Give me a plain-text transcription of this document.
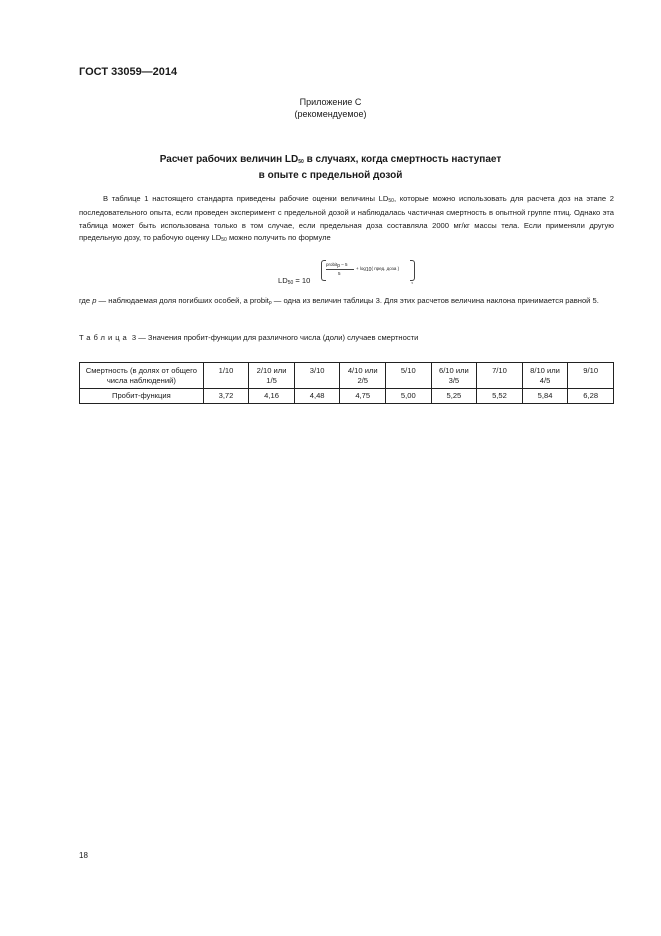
ГОСТ 33059—2014
Приложение С
(рекомендуемое)
Расчет рабочих величин $LD_{50}$ в случаях, когда смертность наступает
в опыте с предельной дозой

В таблице 1 настоящего стандарта приведены рабочие оценки величины $LD_{50}$, которые можно использовать для расчета доз на этапе 2 последовательного опыта, если проведен эксперимент с предельной дозой и наблюдалась частичная смертность в опытной группе птиц. Однако эта таблица может быть использована только в том случае, если предельная доза составляла 2000 мг/кг массы тела. Если применяли другую предельную дозу, то рабочую оценку $LD_{50}$ можно получить по формуле

$LD_{50} = 10$
probit$_p$ – 5
5
+ $\log_{10}$( пред. доза )
,

где p — наблюдаемая доля погибших особей, а probit$_p$ — одна из величин таблицы 3. Для этих расчетов величина наклона принимается равной 5.

Таблица 3 — Значения пробит-функции для различного числа (доли) случаев смертности
Смертность (в долях от общего числа наблюдений)	1/10	2/10 или 1/5	3/10	4/10 или 2/5	5/10	6/10 или 3/5	7/10	8/10 или 4/5	9/10
Пробит-функция	3,72	4,16	4,48	4,75	5,00	5,25	5,52	5,84	6,28
18
